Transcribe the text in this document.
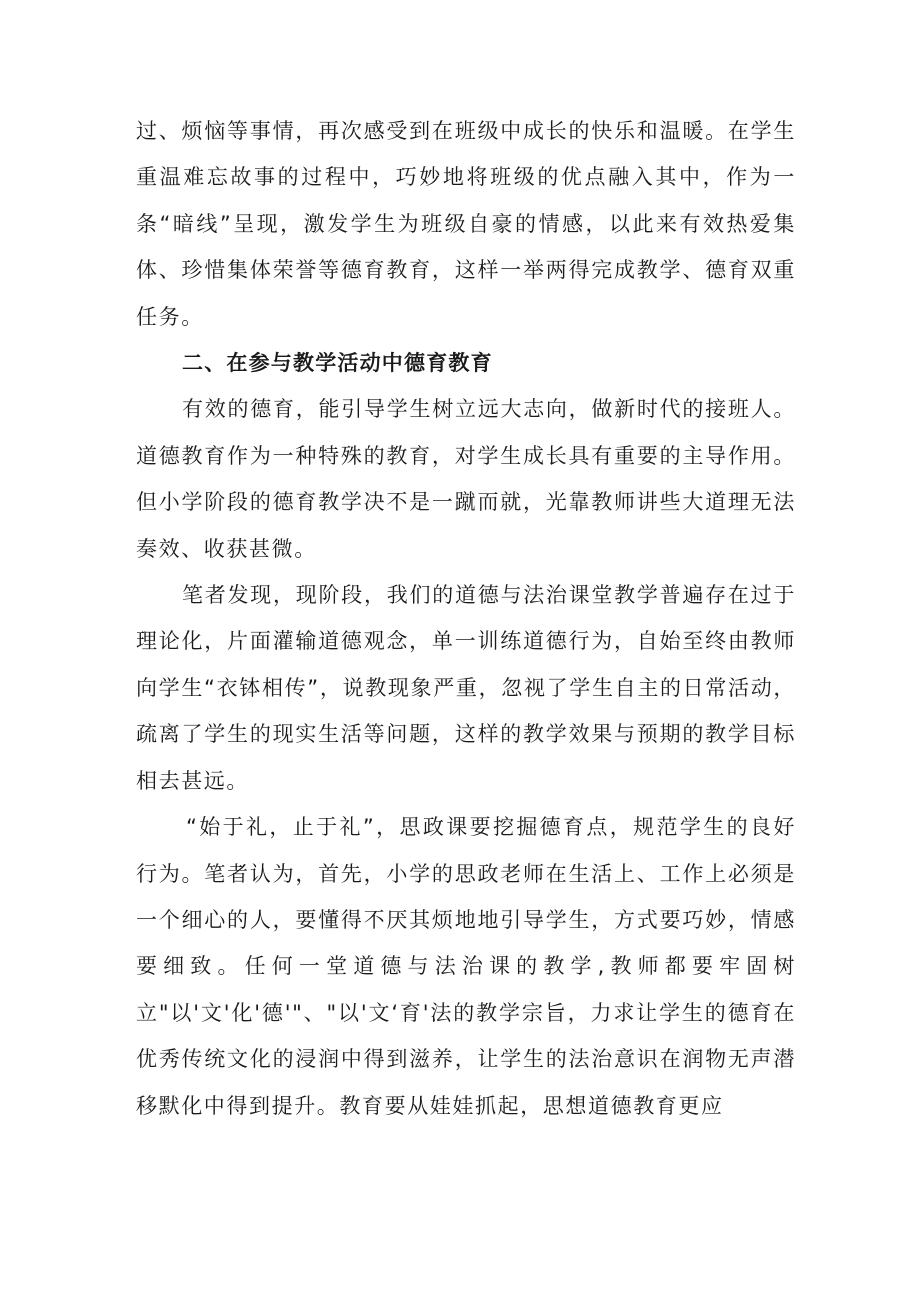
过、烦恼等事情，再次感受到在班级中成长的快乐和温暖。在学生重温难忘故事的过程中，巧妙地将班级的优点融入其中，作为一条“暗线”呈现，激发学生为班级自豪的情感，以此来有效热爱集体、珍惜集体荣誉等德育教育，这样一举两得完成教学、德育双重任务。

二、在参与教学活动中德育教育

有效的德育，能引导学生树立远大志向，做新时代的接班人。道德教育作为一种特殊的教育，对学生成长具有重要的主导作用。但小学阶段的德育教学决不是一蹴而就，光靠教师讲些大道理无法奏效、收获甚微。

笔者发现，现阶段，我们的道德与法治课堂教学普遍存在过于理论化，片面灌输道德观念，单一训练道德行为，自始至终由教师向学生“衣钵相传”，说教现象严重，忽视了学生自主的日常活动，疏离了学生的现实生活等问题，这样的教学效果与预期的教学目标相去甚远。

“始于礼，止于礼”，思政课要挖掘德育点，规范学生的良好行为。笔者认为，首先，小学的思政老师在生活上、工作上必须是一个细心的人，要懂得不厌其烦地地引导学生，方式要巧妙，情感要细致。任何一堂道德与法治课的教学,教师都要牢固树立"以'文'化'德'"、"以'文‘育'法的教学宗旨，力求让学生的德育在优秀传统文化的浸润中得到滋养，让学生的法治意识在润物无声潜移默化中得到提升。教育要从娃娃抓起，思想道德教育更应
